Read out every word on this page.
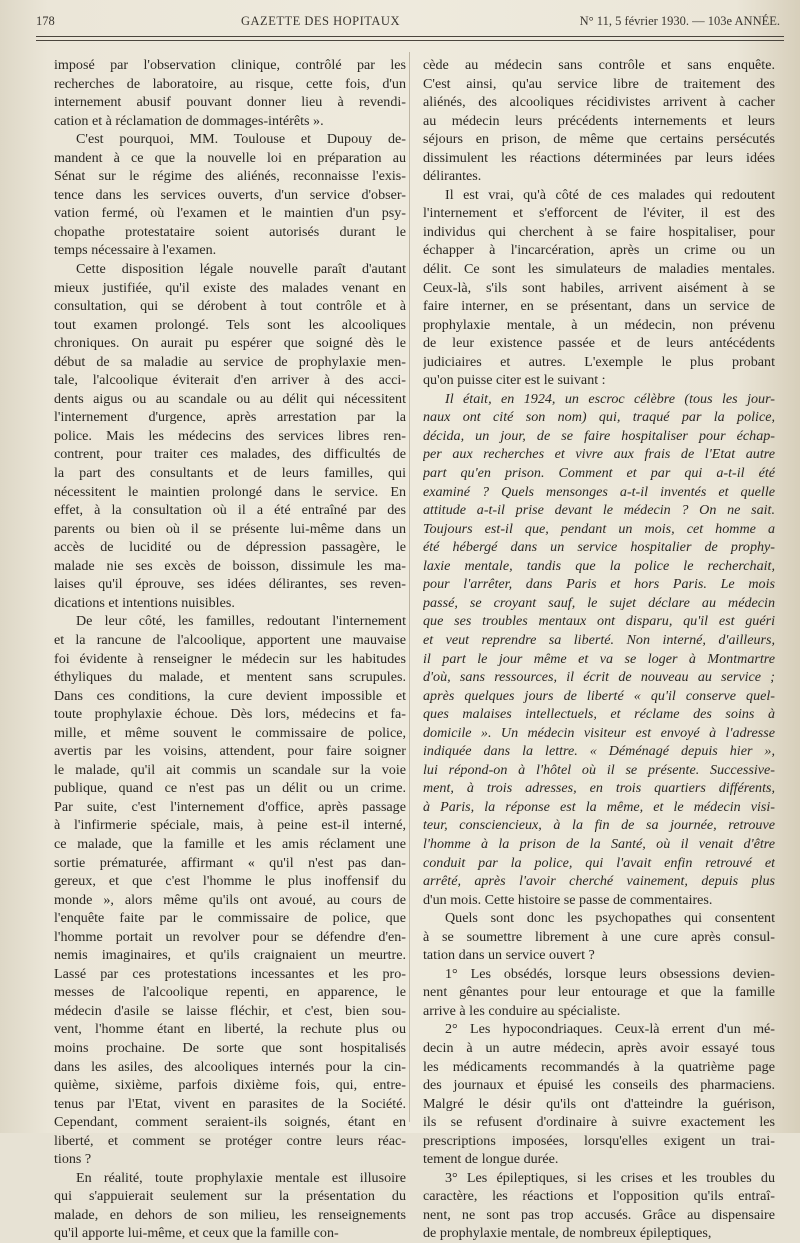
178	GAZETTE DES HOPITAUX	N° 11, 5 février 1930. — 103e ANNÉE.
imposé par l'observation clinique, contrôlé par les
recherches de laboratoire, au risque, cette fois, d'un
internement abusif pouvant donner lieu à revendi-
cation et à réclamation de dommages-intérêts ».
C'est pourquoi, MM. Toulouse et Dupouy de-
mandent à ce que la nouvelle loi en préparation au
Sénat sur le régime des aliénés, reconnaisse l'exis-
tence dans les services ouverts, d'un service d'obser-
vation fermé, où l'examen et le maintien d'un psy-
chopathe protestataire soient autorisés durant le
temps nécessaire à l'examen.
Cette disposition légale nouvelle paraît d'autant
mieux justifiée, qu'il existe des malades venant en
consultation, qui se dérobent à tout contrôle et à
tout examen prolongé. Tels sont les alcooliques
chroniques. On aurait pu espérer que soigné dès le
début de sa maladie au service de prophylaxie men-
tale, l'alcoolique éviterait d'en arriver à des acci-
dents aigus ou au scandale ou au délit qui nécessitent
l'internement d'urgence, après arrestation par la
police. Mais les médecins des services libres ren-
contrent, pour traiter ces malades, des difficultés de
la part des consultants et de leurs familles, qui
nécessitent le maintien prolongé dans le service. En
effet, à la consultation où il a été entraîné par des
parents ou bien où il se présente lui-même dans un
accès de lucidité ou de dépression passagère, le
malade nie ses excès de boisson, dissimule les ma-
laises qu'il éprouve, ses idées délirantes, ses reven-
dications et intentions nuisibles.
De leur côté, les familles, redoutant l'internement
et la rancune de l'alcoolique, apportent une mauvaise
foi évidente à renseigner le médecin sur les habitudes
éthyliques du malade, et mentent sans scrupules.
Dans ces conditions, la cure devient impossible et
toute prophylaxie échoue. Dès lors, médecins et fa-
mille, et même souvent le commissaire de police,
avertis par les voisins, attendent, pour faire soigner
le malade, qu'il ait commis un scandale sur la voie
publique, quand ce n'est pas un délit ou un crime.
Par suite, c'est l'internement d'office, après passage
à l'infirmerie spéciale, mais, à peine est-il interné,
ce malade, que la famille et les amis réclament une
sortie prématurée, affirmant « qu'il n'est pas dan-
gereux, et que c'est l'homme le plus inoffensif du
monde », alors même qu'ils ont avoué, au cours de
l'enquête faite par le commissaire de police, que
l'homme portait un revolver pour se défendre d'en-
nemis imaginaires, et qu'ils craignaient un meurtre.
Lassé par ces protestations incessantes et les pro-
messes de l'alcoolique repenti, en apparence, le
médecin d'asile se laisse fléchir, et c'est, bien sou-
vent, l'homme étant en liberté, la rechute plus ou
moins prochaine. De sorte que sont hospitalisés
dans les asiles, des alcooliques internés pour la cin-
quième, sixième, parfois dixième fois, qui, entre-
tenus par l'Etat, vivent en parasites de la Société.
Cependant, comment seraient-ils soignés, étant en
liberté, et comment se protéger contre leurs réac-
tions ?
En réalité, toute prophylaxie mentale est illusoire
qui s'appuierait seulement sur la présentation du
malade, en dehors de son milieu, les renseignements
qu'il apporte lui-même, et ceux que la famille con-
cède au médecin sans contrôle et sans enquête.
C'est ainsi, qu'au service libre de traitement des
aliénés, des alcooliques récidivistes arrivent à cacher
au médecin leurs précédents internements et leurs
séjours en prison, de même que certains persécutés
dissimulent les réactions déterminées par leurs idées
délirantes.
Il est vrai, qu'à côté de ces malades qui redoutent
l'internement et s'efforcent de l'éviter, il est des
individus qui cherchent à se faire hospitaliser, pour
échapper à l'incarcération, après un crime ou un
délit. Ce sont les simulateurs de maladies mentales.
Ceux-là, s'ils sont habiles, arrivent aisément à se
faire interner, en se présentant, dans un service de
prophylaxie mentale, à un médecin, non prévenu
de leur existence passée et de leurs antécédents
judiciaires et autres. L'exemple le plus probant
qu'on puisse citer est le suivant :
Il était, en 1924, un escroc célèbre (tous les jour-
naux ont cité son nom) qui, traqué par la police,
décida, un jour, de se faire hospitaliser pour échap-
per aux recherches et vivre aux frais de l'Etat autre
part qu'en prison. Comment et par qui a-t-il été
examiné ? Quels mensonges a-t-il inventés et quelle
attitude a-t-il prise devant le médecin ? On ne sait.
Toujours est-il que, pendant un mois, cet homme a
été hébergé dans un service hospitalier de prophy-
laxie mentale, tandis que la police le recherchait,
pour l'arrêter, dans Paris et hors Paris. Le mois
passé, se croyant sauf, le sujet déclare au médecin
que ses troubles mentaux ont disparu, qu'il est guéri
et veut reprendre sa liberté. Non interné, d'ailleurs,
il part le jour même et va se loger à Montmartre
d'où, sans ressources, il écrit de nouveau au service ;
après quelques jours de liberté « qu'il conserve quel-
ques malaises intellectuels, et réclame des soins à
domicile ». Un médecin visiteur est envoyé à l'adresse
indiquée dans la lettre. « Déménagé depuis hier »,
lui répond-on à l'hôtel où il se présente. Successive-
ment, à trois adresses, en trois quartiers différents,
à Paris, la réponse est la même, et le médecin visi-
teur, consciencieux, à la fin de sa journée, retrouve
l'homme à la prison de la Santé, où il venait d'être
conduit par la police, qui l'avait enfin retrouvé et
arrêté, après l'avoir cherché vainement, depuis plus
d'un mois. Cette histoire se passe de commentaires.
Quels sont donc les psychopathes qui consentent
à se soumettre librement à une cure après consul-
tation dans un service ouvert ?
1° Les obsédés, lorsque leurs obsessions devien-
nent gênantes pour leur entourage et que la famille
arrive à les conduire au spécialiste.
2° Les hypocondriaques. Ceux-là errent d'un mé-
decin à un autre médecin, après avoir essayé tous
les médicaments recommandés à la quatrième page
des journaux et épuisé les conseils des pharmaciens.
Malgré le désir qu'ils ont d'atteindre la guérison,
ils se refusent d'ordinaire à suivre exactement les
prescriptions imposées, lorsqu'elles exigent un trai-
tement de longue durée.
3° Les épileptiques, si les crises et les troubles du
caractère, les réactions et l'opposition qu'ils entraî-
nent, ne sont pas trop accusés. Grâce au dispensaire
de prophylaxie mentale, de nombreux épileptiques,
